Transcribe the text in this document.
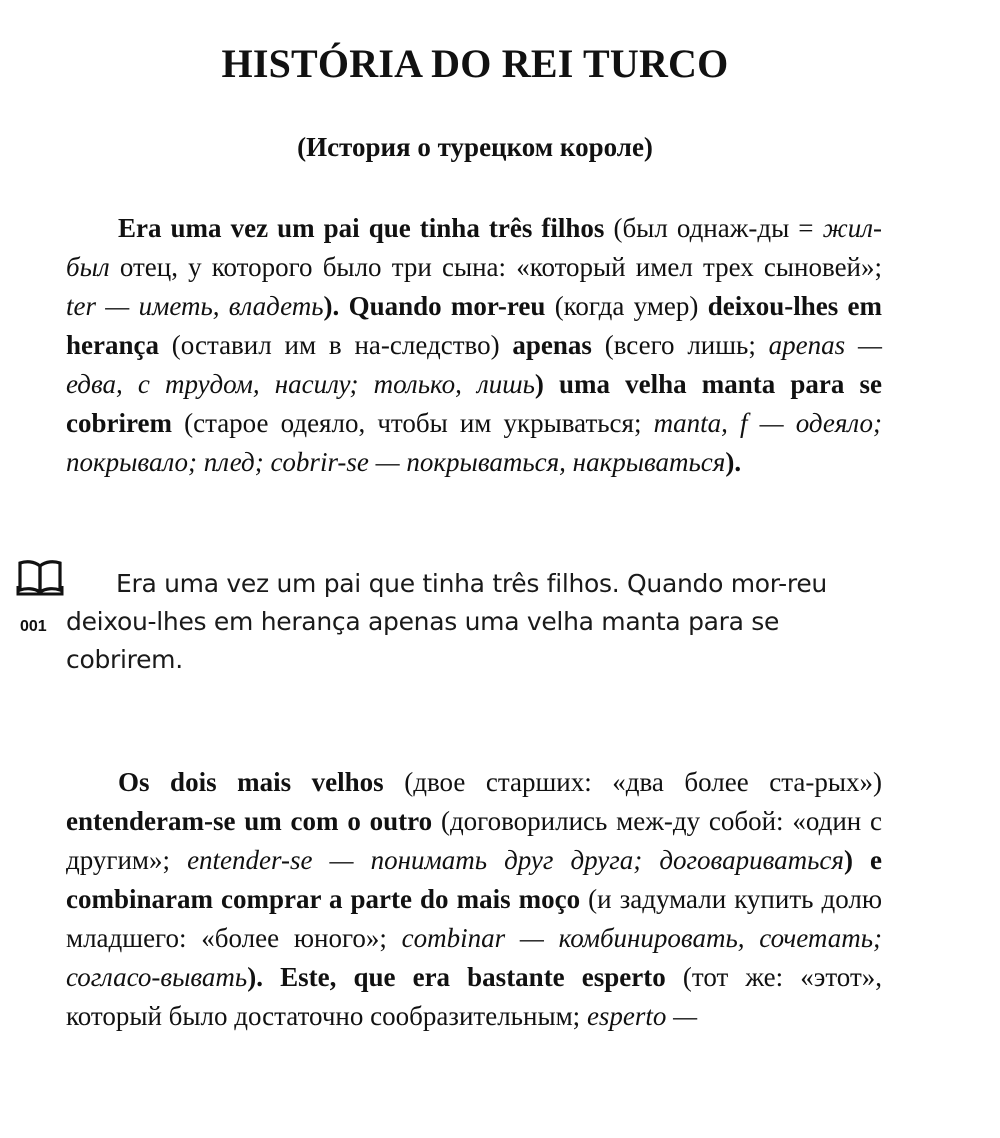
HISTÓRIA DO REI TURCO
(История о турецком короле)
Era uma vez um pai que tinha três filhos (был однаж-ды = жил-был отец, у которого было три сына: «который имел трех сыновей»; ter — иметь, владеть). Quando mor-reu (когда умер) deixou-lhes em herança (оставил им в на-следство) apenas (всего лишь; apenas — едва, с трудом, насилу; только, лишь) uma velha manta para se cobrirem (старое одеяло, чтобы им укрываться; manta, f — одеяло; покрывало; плед; cobrir-se — покрываться, накрываться).
001
Era uma vez um pai que tinha três filhos. Quando mor-reu deixou-lhes em herança apenas uma velha manta para se cobrirem.
Os dois mais velhos (двое старших: «два более ста-рых») entenderam-se um com o outro (договорились меж-ду собой: «один с другим»; entender-se — понимать друг друга; договариваться) e combinaram comprar a parte do mais moço (и задумали купить долю младшего: «более юного»; combinar — комбинировать, сочетать; согласо-вывать). Este, que era bastante esperto (тот же: «этот», который было достаточно сообразительным; esperto —
